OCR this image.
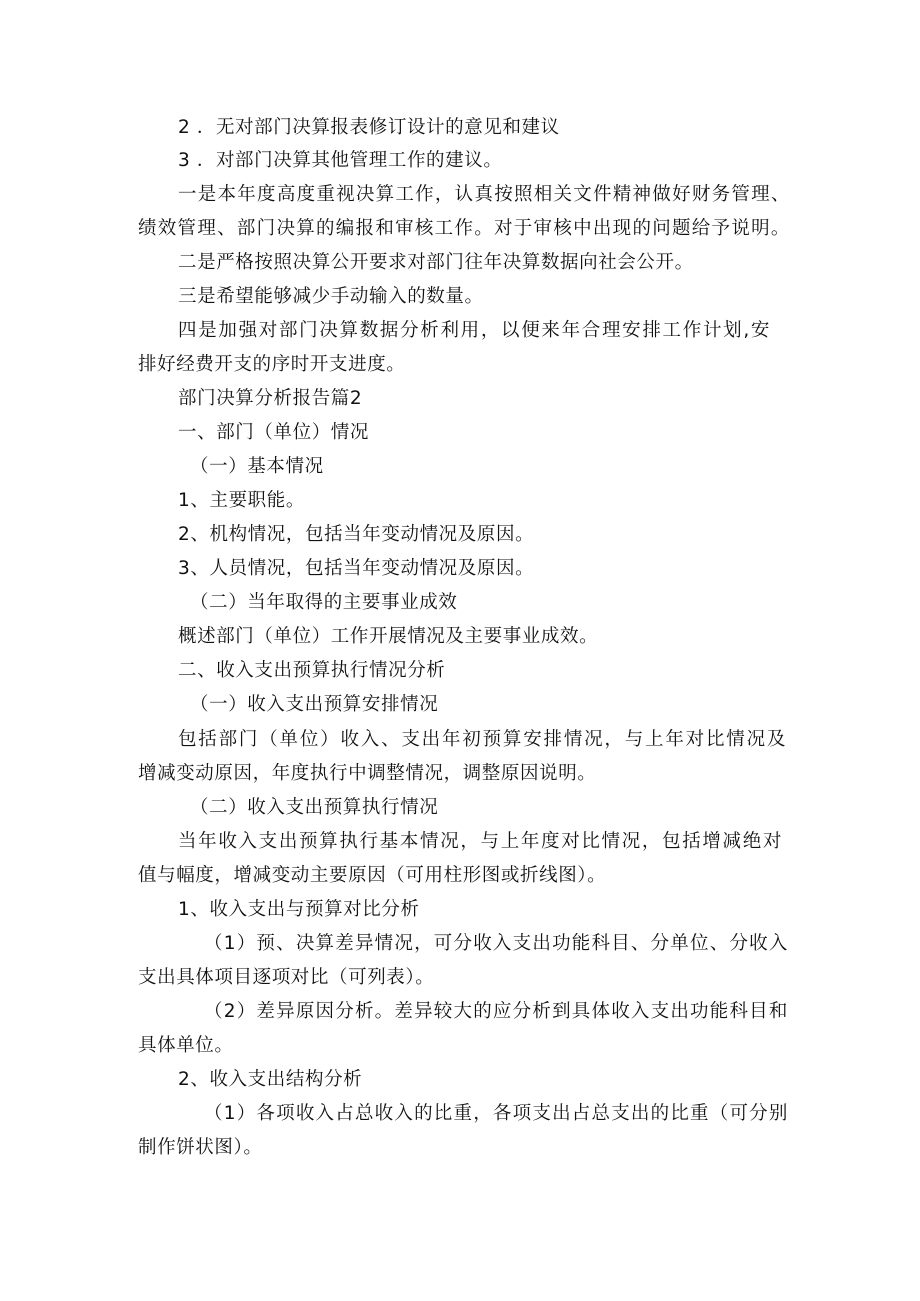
2 ．无对部门决算报表修订设计的意见和建议

3 ．对部门决算其他管理工作的建议。

一是本年度高度重视决算工作，认真按照相关文件精神做好财务管理、

绩效管理、部门决算的编报和审核工作。对于审核中出现的问题给予说明。

二是严格按照决算公开要求对部门往年决算数据向社会公开。

三是希望能够减少手动输入的数量。

四是加强对部门决算数据分析利用，以便来年合理安排工作计划,安

排好经费开支的序时开支进度。

部门决算分析报告篇2

一、部门（单位）情况

（一）基本情况

1、主要职能。

2、机构情况，包括当年变动情况及原因。

3、人员情况，包括当年变动情况及原因。

（二）当年取得的主要事业成效

概述部门（单位）工作开展情况及主要事业成效。

二、收入支出预算执行情况分析

（一）收入支出预算安排情况

包括部门（单位）收入、支出年初预算安排情况，与上年对比情况及

增减变动原因，年度执行中调整情况，调整原因说明。

（二）收入支出预算执行情况

当年收入支出预算执行基本情况，与上年度对比情况，包括增减绝对

值与幅度，增减变动主要原因（可用柱形图或折线图）。

1、收入支出与预算对比分析

（1）预、决算差异情况，可分收入支出功能科目、分单位、分收入

支出具体项目逐项对比（可列表）。

（2）差异原因分析。差异较大的应分析到具体收入支出功能科目和

具体单位。

2、收入支出结构分析

（1）各项收入占总收入的比重，各项支出占总支出的比重（可分别

制作饼状图）。
